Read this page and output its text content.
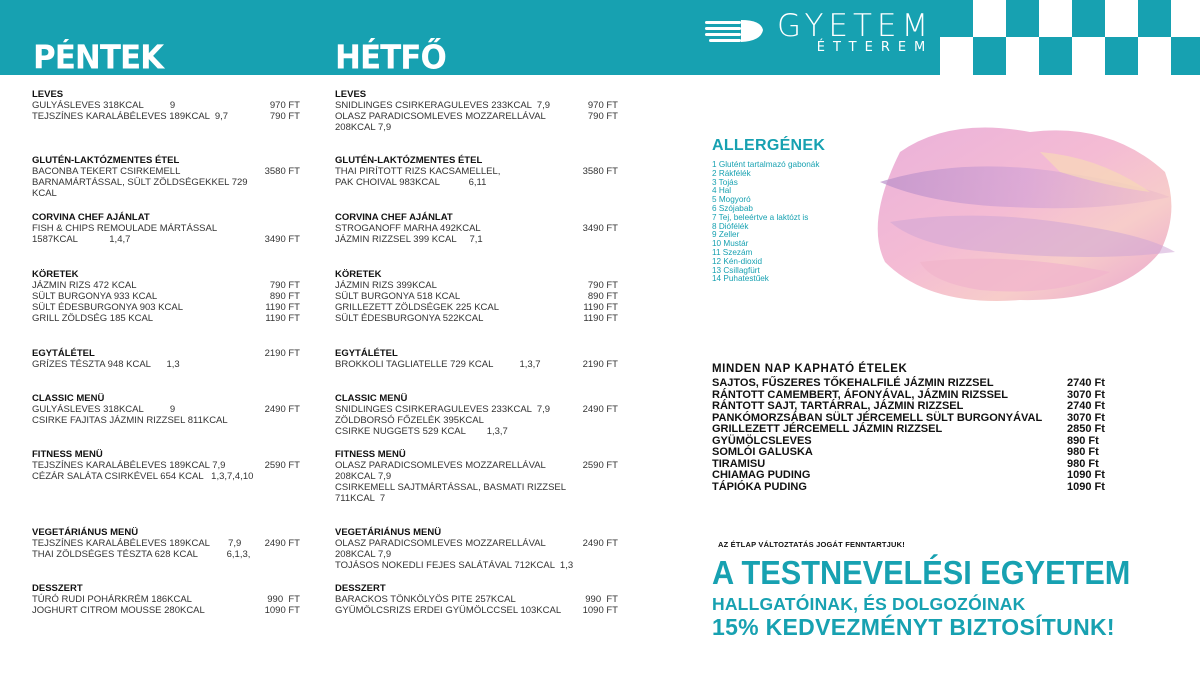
GYETEM
ÉTTEREM
PÉNTEK	HÉTFŐ
LEVES
GULYÁSLEVES 318KCAL          9	970 FT
TEJSZÍNES KARALÁBÉLEVES 189KCAL  9,7	790 FT
GLUTÉN-LAKTÓZMENTES ÉTEL
BACONBA TEKERT CSIRKEMELL	3580 FT
BARNAMÁRTÁSSAL, SÜLT ZÖLDSÉGEKKEL 729
KCAL
CORVINA CHEF AJÁNLAT
FISH & CHIPS REMOULADE MÁRTÁSSAL
1587KCAL            1,4,7	3490 FT
KÖRETEK
JÁZMIN RIZS 472 KCAL	790 FT
SÜLT BURGONYA 933 KCAL	890 FT
SÜLT ÉDESBURGONYA 903 KCAL	1190 FT
GRILL ZÖLDSÉG 185 KCAL	1190 FT
EGYTÁLÉTEL	2190 FT
GRÍZES TÉSZTA 948 KCAL      1,3
CLASSIC MENÜ
GULYÁSLEVES 318KCAL          9	2490 FT
CSIRKE FAJITAS JÁZMIN RIZZSEL 811KCAL
FITNESS MENÜ
TEJSZÍNES KARALÁBÉLEVES 189KCAL 7,9	2590 FT
CÉZÁR SALÁTA CSIRKÉVEL 654 KCAL   1,3,7,4,10
VEGETÁRIÁNUS MENÜ
TEJSZÍNES KARALÁBÉLEVES 189KCAL       7,9 2490 FT
THAI ZÖLDSÉGES TÉSZTA 628 KCAL           6,1,3,
DESSZERT
TÚRÓ RUDI POHÁRKRÉM 186KCAL	990  FT
JOGHURT CITROM MOUSSE 280KCAL	1090 FT
LEVES
SNIDLINGES CSIRKERAGULEVES 233KCAL  7,9	970 FT
OLASZ PARADICSOMLEVES MOZZARELLÁVAL	790 FT
208KCAL 7,9
GLUTÉN-LAKTÓZMENTES ÉTEL
THAI PIRÍTOTT RIZS KACSAMELLEL,	3580 FT
PAK CHOIVAL 983KCAL           6,11
CORVINA CHEF AJÁNLAT
STROGANOFF MARHA 492KCAL	3490 FT
JÁZMIN RIZZSEL 399 KCAL     7,1
KÖRETEK
JÁZMIN RIZS 399KCAL	790 FT
SÜLT BURGONYA 518 KCAL	890 FT
GRILLEZETT ZÖLDSÉGEK 225 KCAL	1190 FT
SÜLT ÉDESBURGONYA 522KCAL	1190 FT
EGYTÁLÉTEL
BROKKOLI TAGLIATELLE 729 KCAL          1,3,7	2190 FT
CLASSIC MENÜ
SNIDLINGES CSIRKERAGULEVES 233KCAL  7,9	2490 FT
ZÖLDBORSÓ FŐZELÉK 395KCAL
CSIRKE NUGGETS 529 KCAL        1,3,7
FITNESS MENÜ
OLASZ PARADICSOMLEVES MOZZARELLÁVAL	2590 FT
208KCAL 7,9
CSIRKEMELL SAJTMÁRTÁSSAL, BASMATI RIZZSEL
711KCAL  7
VEGETÁRIÁNUS MENÜ
OLASZ PARADICSOMLEVES MOZZARELLÁVAL	2490 FT
208KCAL 7,9
TOJÁSOS NOKEDLI FEJES SALÁTÁVAL 712KCAL  1,3
DESSZERT
BARACKOS TÖNKÖLYÖS PITE 257KCAL	990  FT
GYÜMÖLCSRIZS ERDEI GYÜMÖLCCSEL 103KCAL 1090 FT
ALLERGÉNEK
1 Glutént tartalmazó gabonák
2 Rákfélék
3 Tojás
4 Hal
5 Mogyoró
6 Szójabab
7 Tej, beleértve a laktózt is
8 Diófélék
9 Zeller
10 Mustár
11 Szezám
12 Kén-dioxid
13 Csillagfürt
14 Puhatestűek
MINDEN NAP KAPHATÓ ÉTELEK
SAJTOS, FŰSZERES TŐKEHALFILÉ JÁZMIN RIZZSEL	2740 Ft
RÁNTOTT CAMEMBERT, ÁFONYÁVAL, JÁZMIN RIZSSEL	3070 Ft
RÁNTOTT SAJT, TARTÁRRAL, JÁZMIN RIZZSEL	2740 Ft
PANKÓMORZSÁBAN SÜLT JÉRCEMELL SÜLT BURGONYÁVAL 3070 Ft
GRILLEZETT JÉRCEMELL JÁZMIN RIZZSEL	2850 Ft
GYÜMÖLCSLEVES	890 Ft
SOMLÓI GALUSKA	980 Ft
TIRAMISU	980 Ft
CHIAMAG PUDING	1090 Ft
TÁPIÓKA PUDING	1090 Ft
AZ ÉTLAP VÁLTOZTATÁS JOGÁT FENNTARTJUK!
A TESTNEVELÉSI EGYETEM
HALLGATÓINAK, ÉS DOLGOZÓINAK
15% KEDVEZMÉNYT BIZTOSÍTUNK!
